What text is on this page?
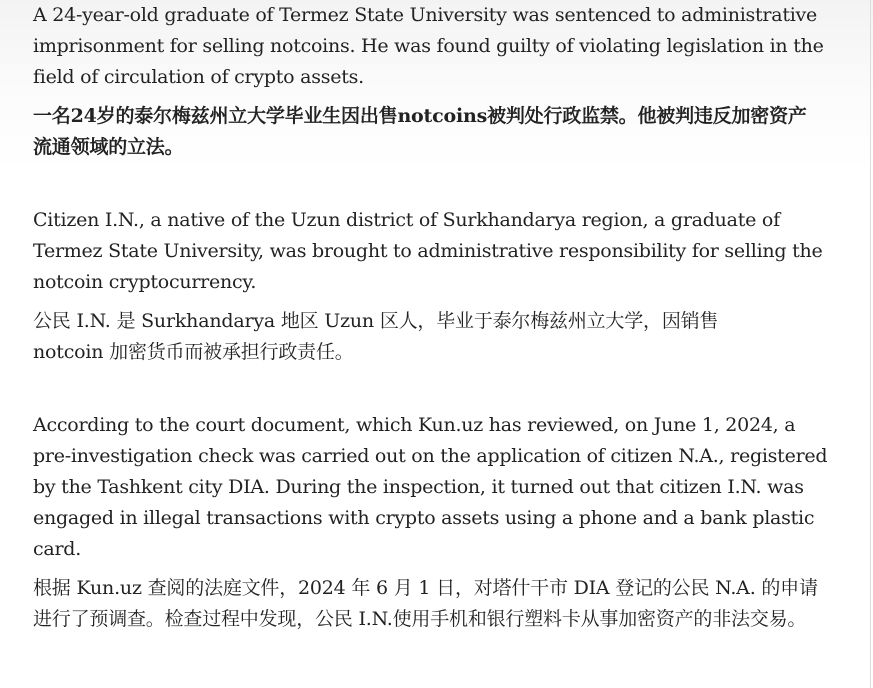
A 24-year-old graduate of Termez State University was sentenced to administrative imprisonment for selling notcoins. He was found guilty of violating legislation in the field of circulation of crypto assets.

一名24岁的泰尔梅兹州立大学毕业生因出售notcoins被判处行政监禁。他被判违反加密资产流通领域的立法。

Citizen I.N., a native of the Uzun district of Surkhandarya region, a graduate of Termez State University, was brought to administrative responsibility for selling the notcoin cryptocurrency.

公民 I.N. 是 Surkhandarya 地区 Uzun 区人，毕业于泰尔梅兹州立大学，因销售 notcoin 加密货币而被承担行政责任。

According to the court document, which Kun.uz has reviewed, on June 1, 2024, a pre-investigation check was carried out on the application of citizen N.A., registered by the Tashkent city DIA. During the inspection, it turned out that citizen I.N. was engaged in illegal transactions with crypto assets using a phone and a bank plastic card.

根据 Kun.uz 查阅的法庭文件，2024 年 6 月 1 日，对塔什干市 DIA 登记的公民 N.A. 的申请进行了预调查。检查过程中发现，公民 I.N.使用手机和银行塑料卡从事加密资产的非法交易。
